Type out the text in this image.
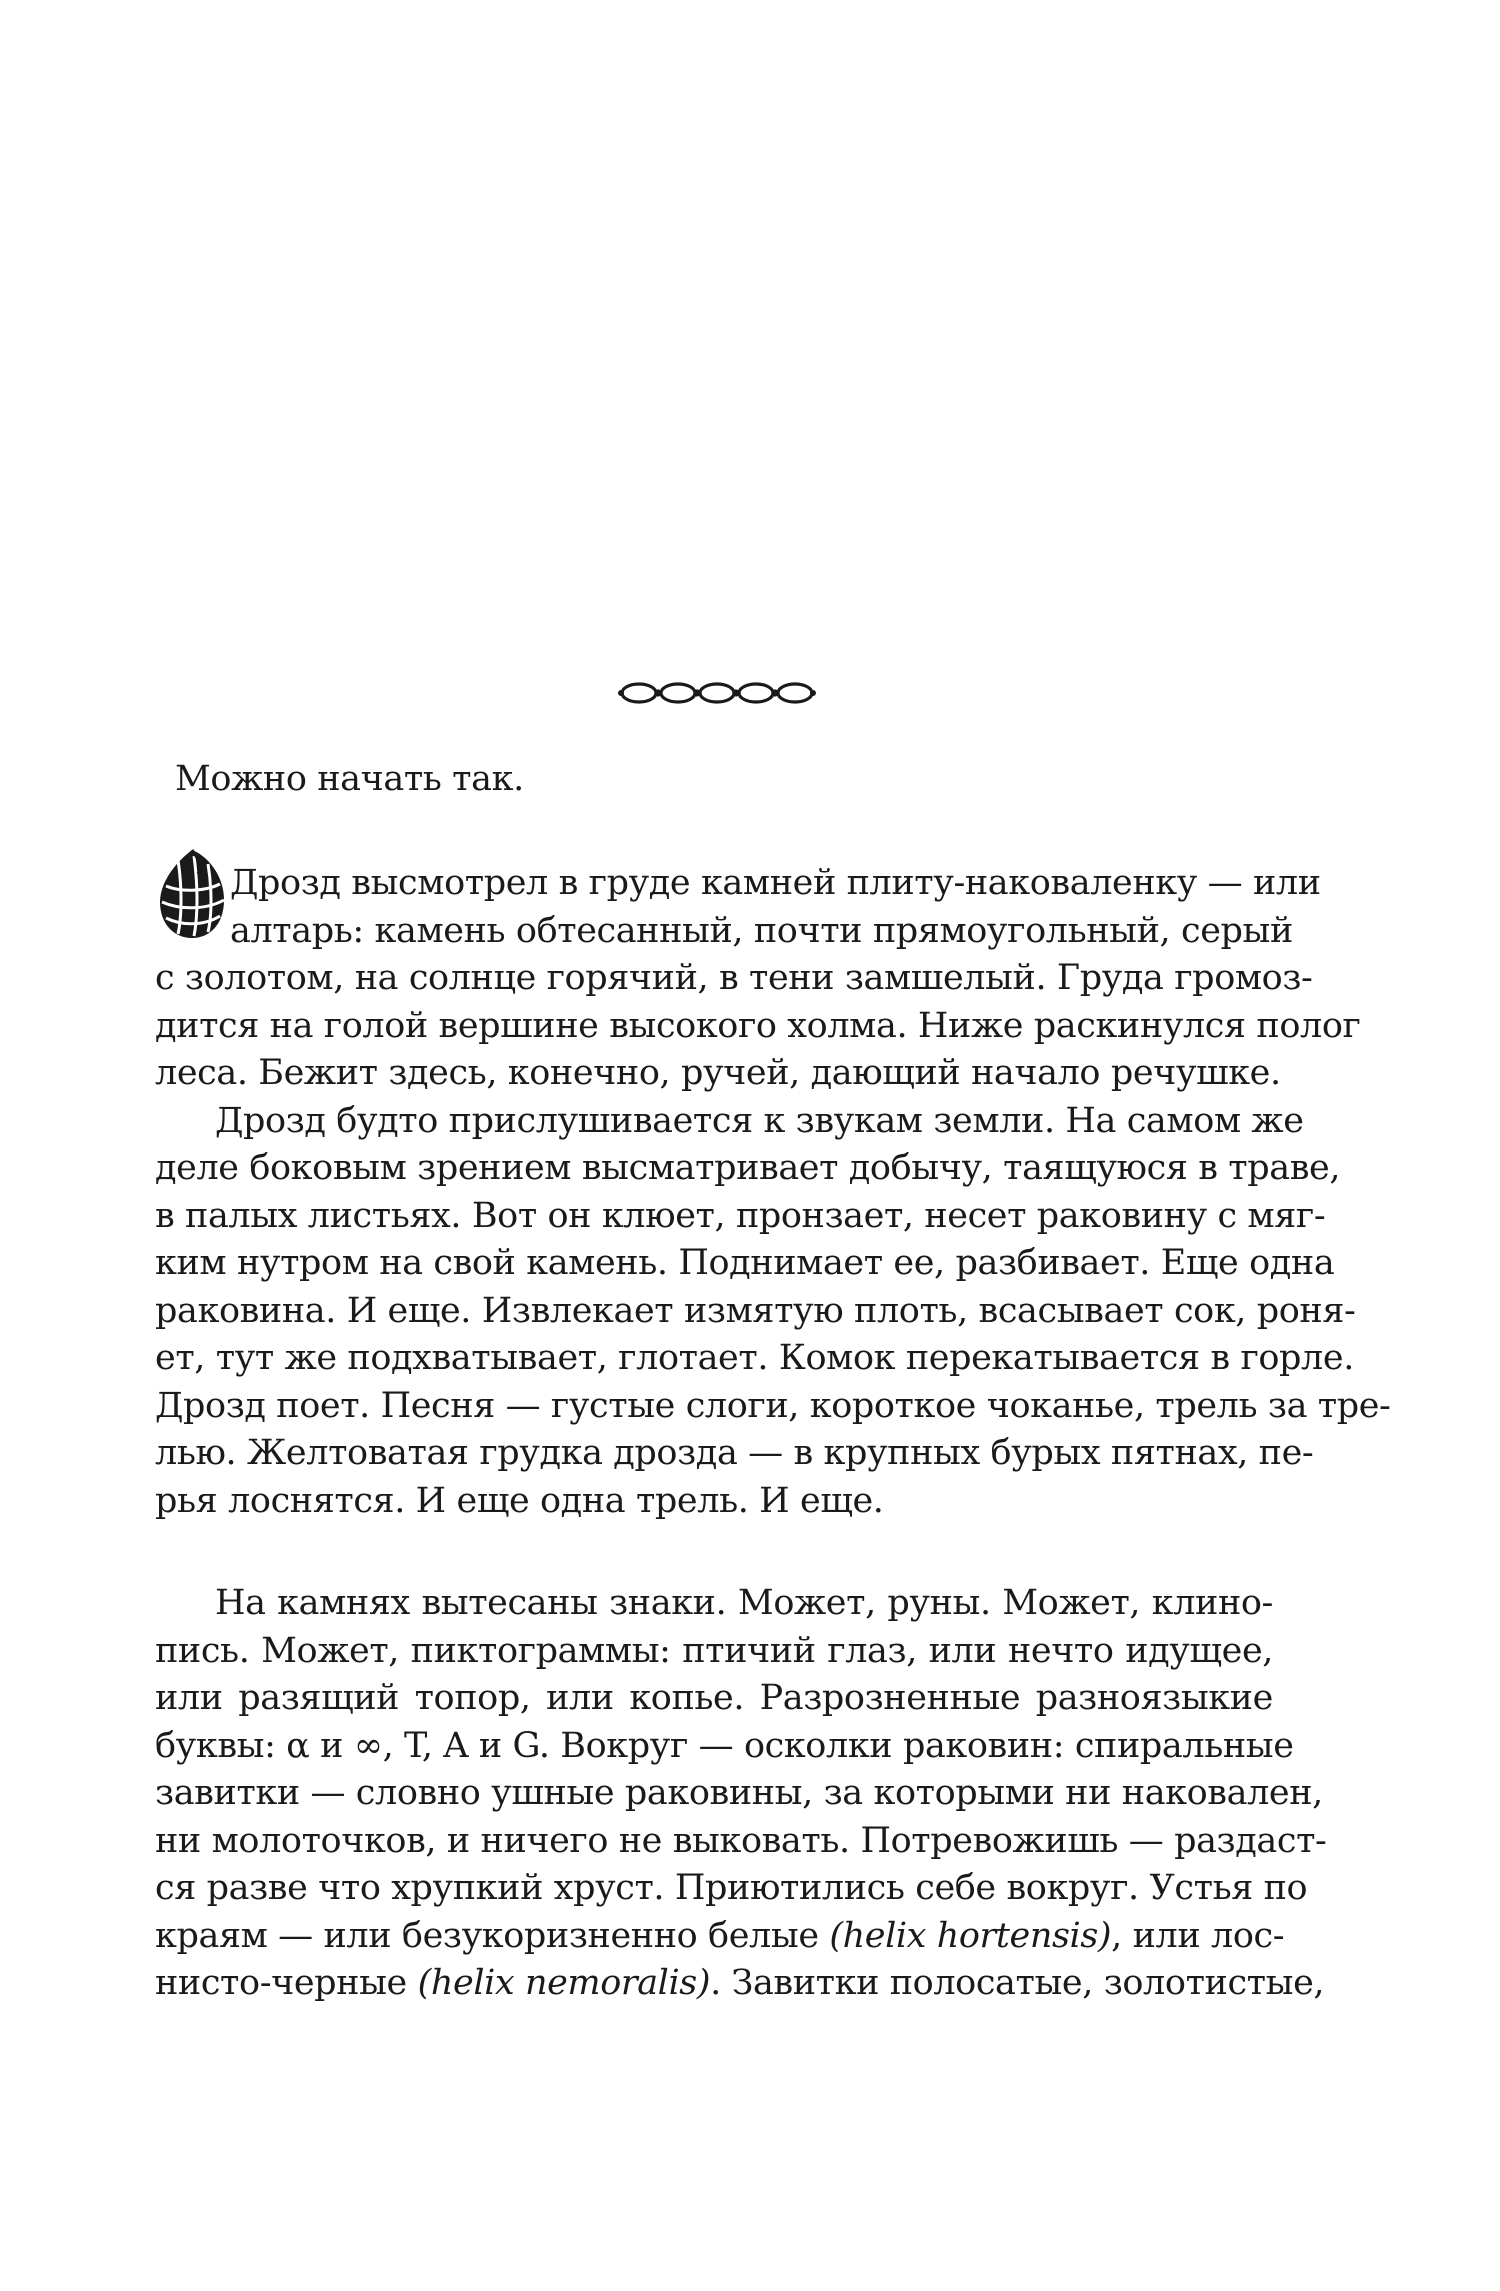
Можно начать так.
Дрозд высмотрел в груде камней плиту-наковаленку — или
алтарь: камень обтесанный, почти прямоугольный, серый
с золотом, на солнце горячий, в тени замшелый. Груда громоз-
дится на голой вершине высокого холма. Ниже раскинулся полог
леса. Бежит здесь, конечно, ручей, дающий начало речушке.
Дрозд будто прислушивается к звукам земли. На самом же
деле боковым зрением высматривает добычу, таящуюся в траве,
в палых листьях. Вот он клюет, пронзает, несет раковину с мяг-
ким нутром на свой камень. Поднимает ее, разбивает. Еще одна
раковина. И еще. Извлекает измятую плоть, всасывает сок, роня-
ет, тут же подхватывает, глотает. Комок перекатывается в горле.
Дрозд поет. Песня — густые слоги, короткое чоканье, трель за тре-
лью. Желтоватая грудка дрозда — в крупных бурых пятнах, пе-
рья лоснятся. И еще одна трель. И еще.
На камнях вытесаны знаки. Может, руны. Может, клино-
пись. Может, пиктограммы: птичий глаз, или нечто идущее,
или разящий топор, или копье. Разрозненные разноязыкие
буквы: α и ∞, T, A и G. Вокруг — осколки раковин: спиральные
завитки — словно ушные раковины, за которыми ни наковален,
ни молоточков, и ничего не выковать. Потревожишь — раздаст-
ся разве что хрупкий хруст. Приютились себе вокруг. Устья по
краям — или безукоризненно белые (helix hortensis), или лос-
нисто-черные (helix nemoralis). Завитки полосатые, золотистые,
